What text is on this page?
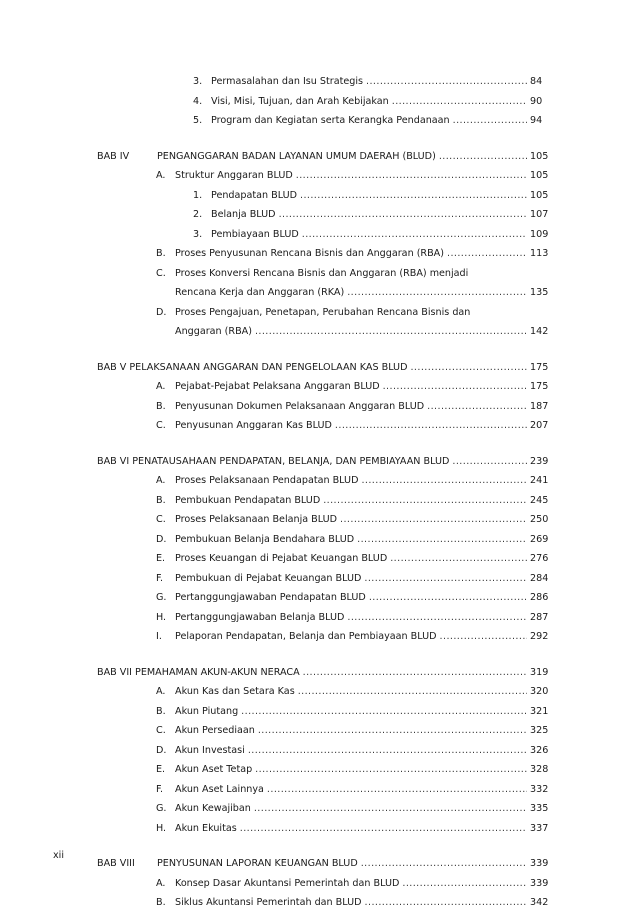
3. Permasalahan dan Isu Strategis .....	84
4. Visi, Misi, Tujuan, dan Arah Kebijakan .....	90
5. Program dan Kegiatan serta Kerangka Pendanaan .....	94
BAB IV	PENGANGGARAN BADAN LAYANAN UMUM DAERAH (BLUD) .....	105
A. Struktur Anggaran BLUD .....	105
1. Pendapatan BLUD .....	105
2. Belanja BLUD .....	107
3. Pembiayaan BLUD .....	109
B. Proses Penyusunan Rencana Bisnis dan Anggaran (RBA) .....	113
C. Proses Konversi Rencana Bisnis dan Anggaran (RBA) menjadi
Rencana Kerja dan Anggaran (RKA) .....	135
D. Proses Pengajuan, Penetapan, Perubahan Rencana Bisnis dan
Anggaran (RBA) .....	142
BAB V PELAKSANAAN ANGGARAN DAN PENGELOLAAN KAS BLUD .....	175
A. Pejabat-Pejabat Pelaksana Anggaran BLUD .....	175
B. Penyusunan Dokumen Pelaksanaan Anggaran BLUD .....	187
C. Penyusunan Anggaran Kas BLUD .....	207
BAB VI PENATAUSAHAAN PENDAPATAN, BELANJA, DAN PEMBIAYAAN BLUD .....	239
A. Proses Pelaksanaan Pendapatan BLUD .....	241
B. Pembukuan Pendapatan BLUD .....	245
C. Proses Pelaksanaan Belanja BLUD .....	250
D. Pembukuan Belanja Bendahara BLUD .....	269
E.	Proses Keuangan di Pejabat Keuangan BLUD .....	276
F.	Pembukuan di Pejabat Keuangan BLUD .....	284
G. Pertanggungjawaban Pendapatan BLUD .....	286
H. Pertanggungjawaban Belanja BLUD .....	287
I.	Pelaporan Pendapatan, Belanja dan Pembiayaan BLUD .....	292
BAB VII PEMAHAMAN AKUN-AKUN NERACA .....	319
A. Akun Kas dan Setara Kas .....	320
B. Akun Piutang .....	321
C. Akun Persediaan .....	325
D. Akun Investasi .....	326
E.	Akun Aset Tetap .....	328
F.	Akun Aset Lainnya .....	332
G. Akun Kewajiban .....	335
H. Akun Ekuitas .....	337
BAB VIII PENYUSUNAN LAPORAN KEUANGAN BLUD .....	339
A. Konsep Dasar Akuntansi Pemerintah dan BLUD .....	339
B. Siklus Akuntansi Pemerintah dan BLUD .....	342
xii
